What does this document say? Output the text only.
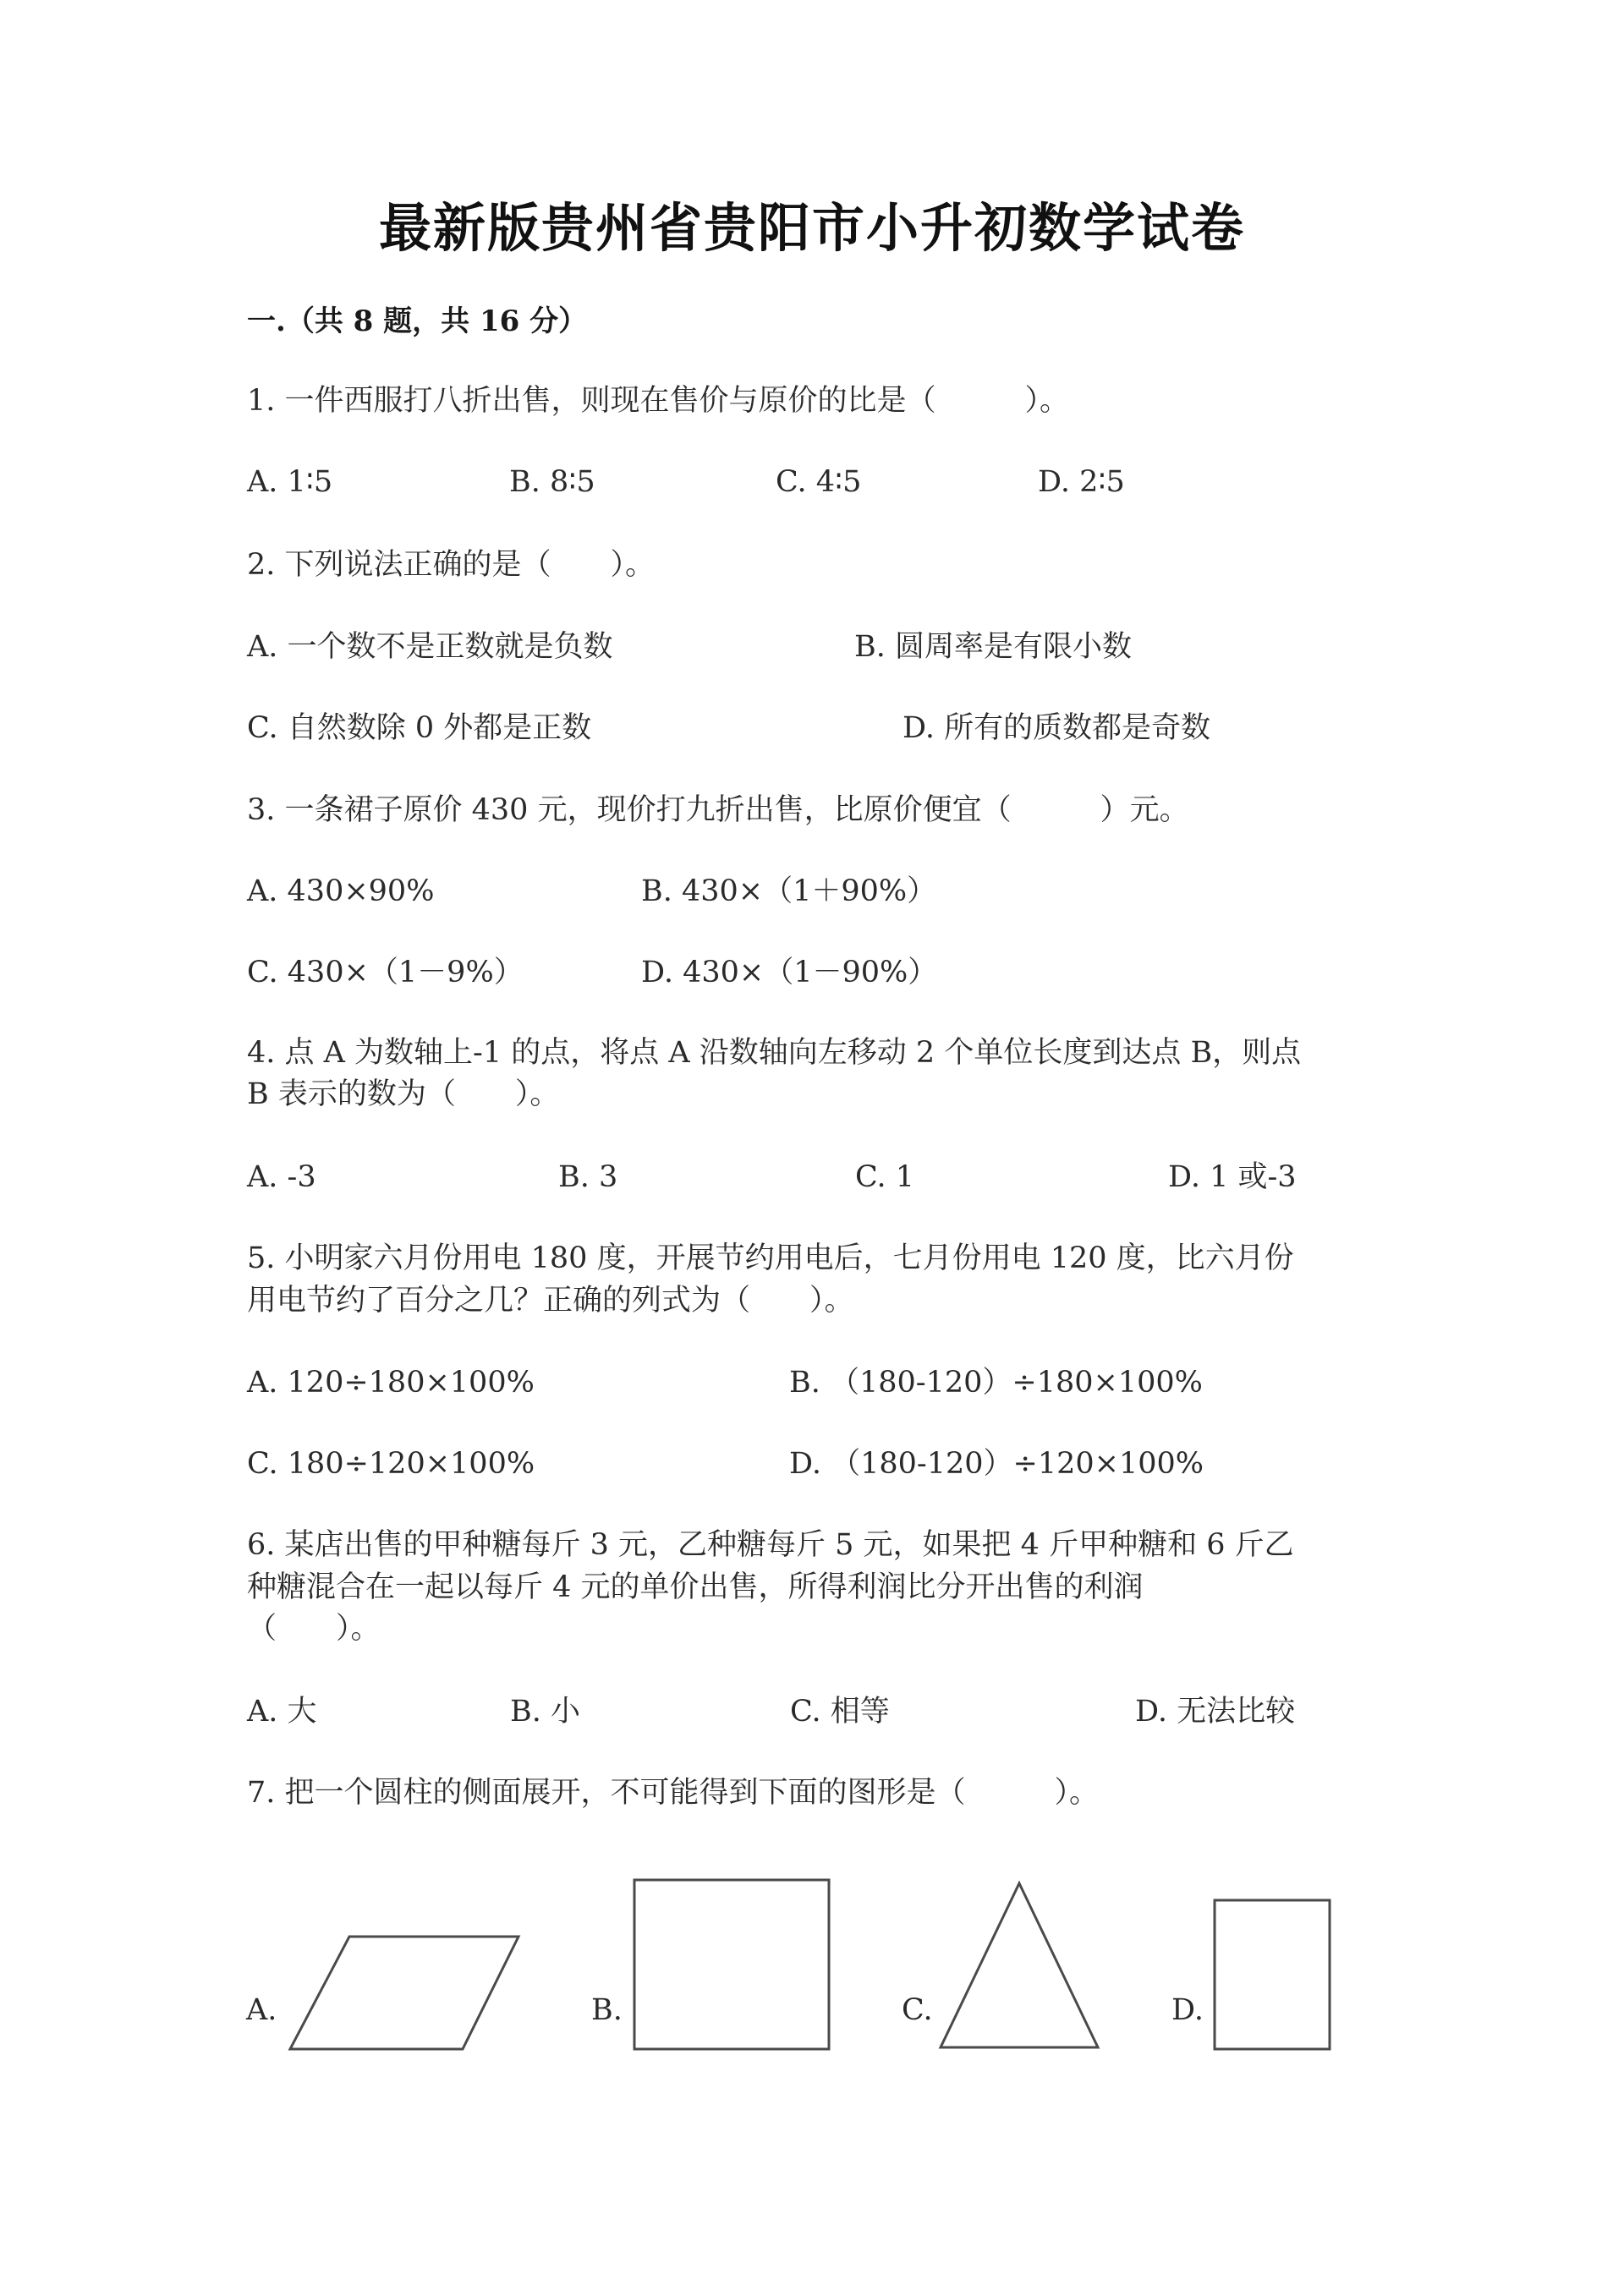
最新版贵州省贵阳市小升初数学试卷
一.（共 8 题，共 16 分）
1. 一件西服打八折出售，则现在售价与原价的比是（　　　）。
A. 1∶5	B. 8∶5	C. 4∶5	D. 2∶5
2. 下列说法正确的是（　　）。
A. 一个数不是正数就是负数	B. 圆周率是有限小数
C. 自然数除 0 外都是正数	D. 所有的质数都是奇数
3. 一条裙子原价 430 元，现价打九折出售，比原价便宜（　　　）元。
A. 430×90%	B. 430×（1＋90%）
C. 430×（1－9%）	D. 430×（1－90%）
4. 点 A 为数轴上-1 的点，将点 A 沿数轴向左移动 2 个单位长度到达点 B，则点
B 表示的数为（　　）。
A. -3	B. 3	C. 1	D. 1 或-3
5. 小明家六月份用电 180 度，开展节约用电后，七月份用电 120 度，比六月份
用电节约了百分之几？正确的列式为（　　）。
A. 120÷180×100%	B. （180-120）÷180×100%
C. 180÷120×100%	D. （180-120）÷120×100%
6. 某店出售的甲种糖每斤 3 元，乙种糖每斤 5 元，如果把 4 斤甲种糖和 6 斤乙
种糖混合在一起以每斤 4 元的单价出售，所得利润比分开出售的利润
（　　）。
A. 大	B. 小	C. 相等	D. 无法比较
7. 把一个圆柱的侧面展开，不可能得到下面的图形是（　　　）。
A.	B.	C.	D.
